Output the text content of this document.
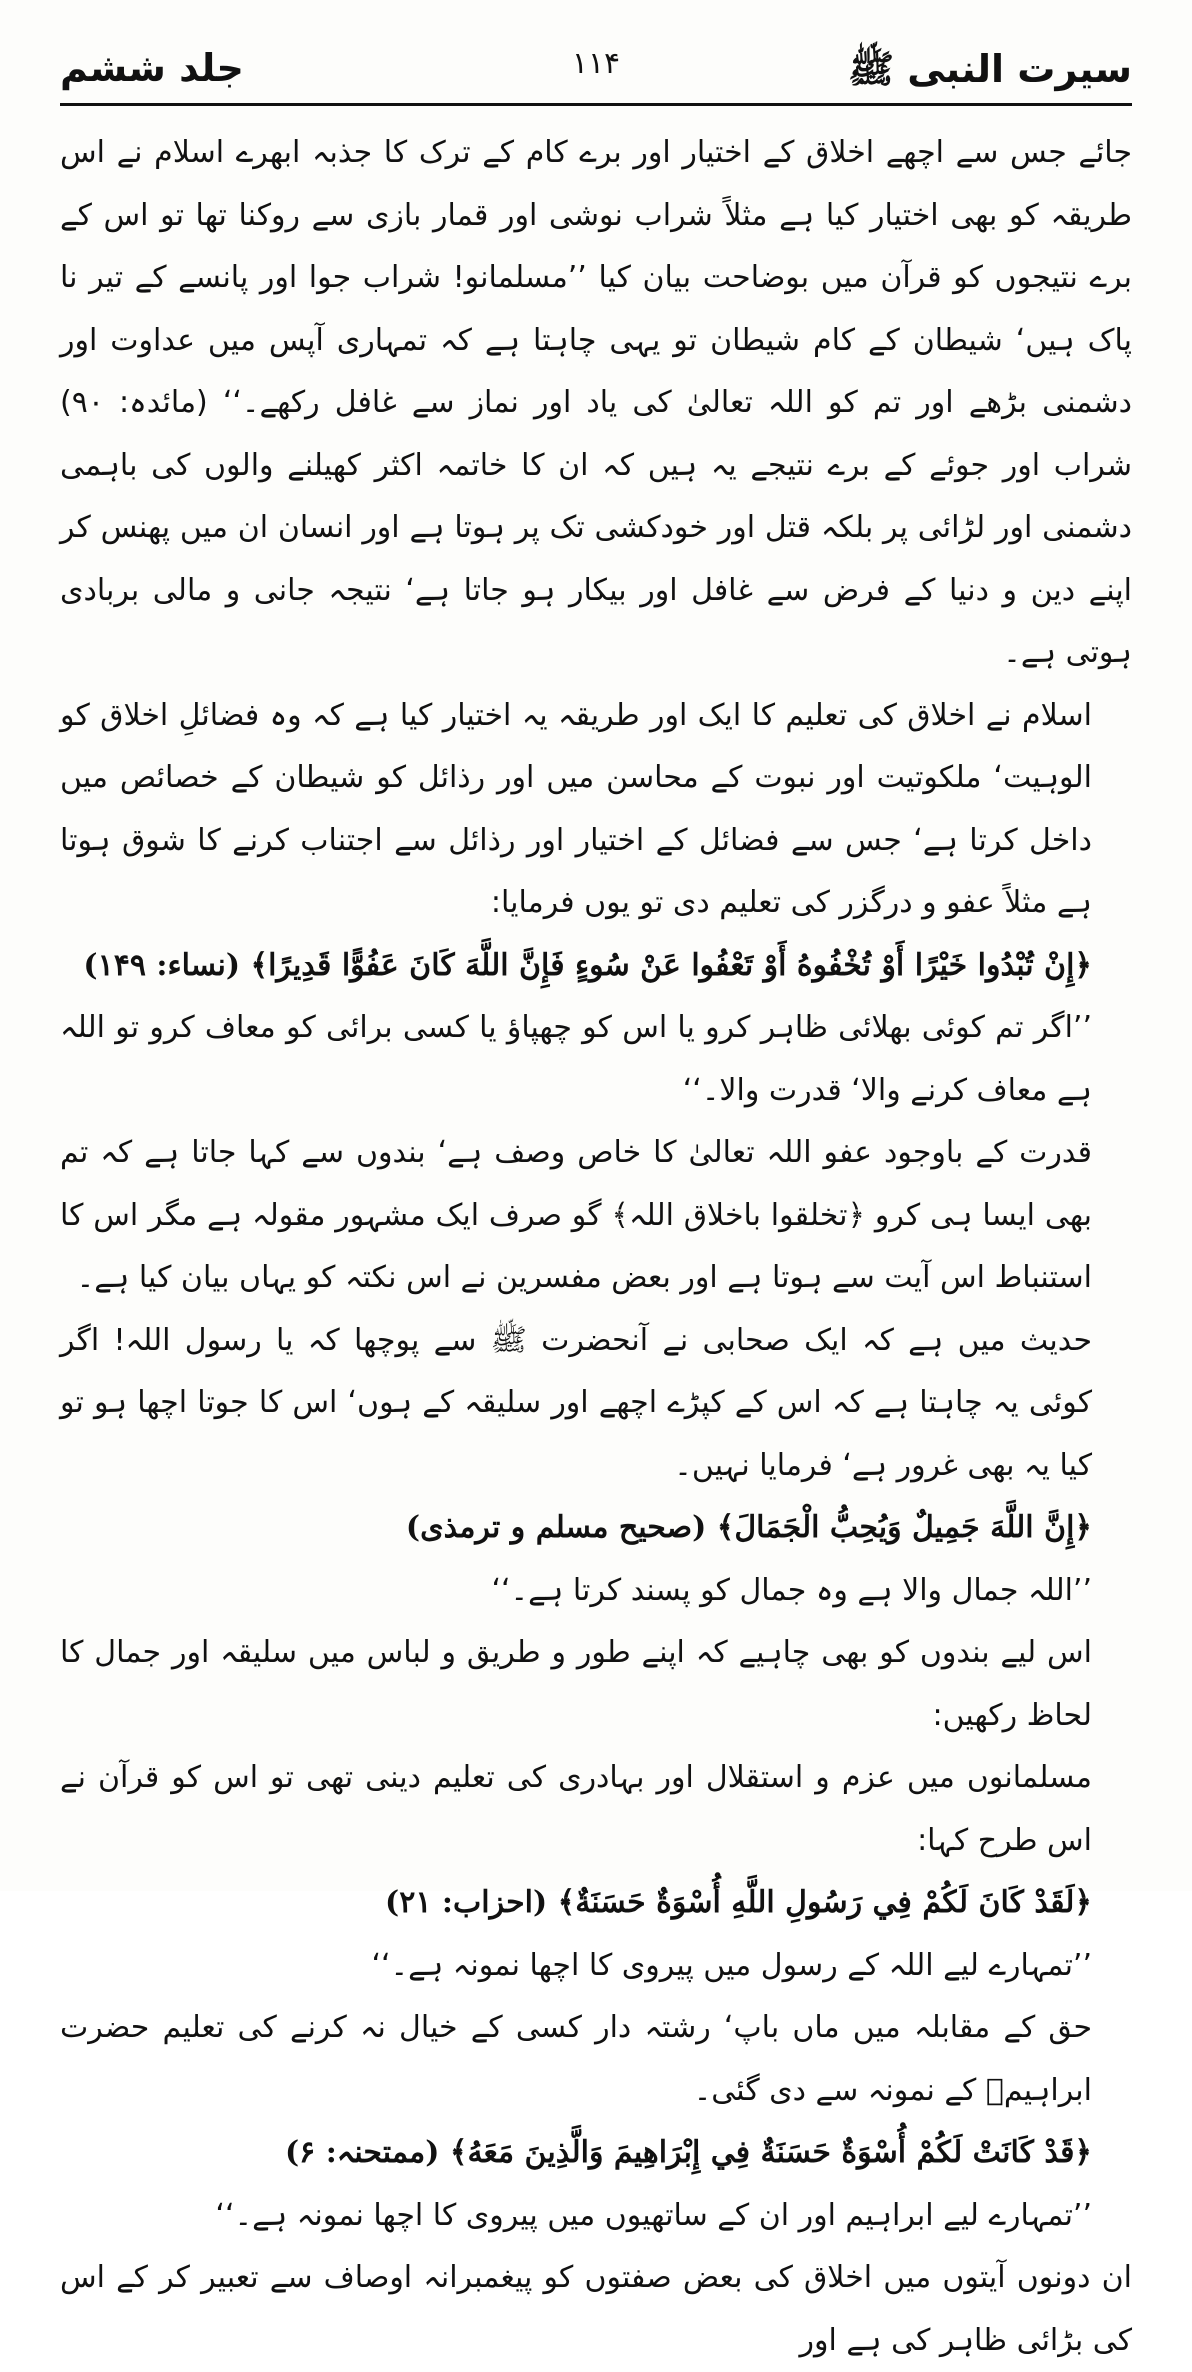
سیرت النبی ﷺ
۱۱۴
جلد ششم

جائے جس سے اچھے اخلاق کے اختیار اور برے کام کے ترک کا جذبہ ابھرے اسلام نے اس طریقہ کو بھی اختیار کیا ہے مثلاً شراب نوشی اور قمار بازی سے روکنا تھا تو اس کے برے نتیجوں کو قرآن میں بوضاحت بیان کیا ’’مسلمانو! شراب جوا اور پانسے کے تیر نا پاک ہیں‘ شیطان کے کام شیطان تو یہی چاہتا ہے کہ تمہاری آپس میں عداوت اور دشمنی بڑھے اور تم کو اللہ تعالیٰ کی یاد اور نماز سے غافل رکھے۔‘‘ (مائدہ: ۹۰) شراب اور جوئے کے برے نتیجے یہ ہیں کہ ان کا خاتمہ اکثر کھیلنے والوں کی باہمی دشمنی اور لڑائی پر بلکہ قتل اور خودکشی تک پر ہوتا ہے اور انسان ان میں پھنس کر اپنے دین و دنیا کے فرض سے غافل اور بیکار ہو جاتا ہے‘ نتیجہ جانی و مالی بربادی ہوتی ہے۔

اسلام نے اخلاق کی تعلیم کا ایک اور طریقہ یہ اختیار کیا ہے کہ وہ فضائلِ اخلاق کو الوہیت‘ ملکوتیت اور نبوت کے محاسن میں اور رذائل کو شیطان کے خصائص میں داخل کرتا ہے‘ جس سے فضائل کے اختیار اور رذائل سے اجتناب کرنے کا شوق ہوتا ہے مثلاً عفو و درگزر کی تعلیم دی تو یوں فرمایا:

﴿إِنْ تُبْدُوا خَيْرًا أَوْ تُخْفُوهُ أَوْ تَعْفُوا عَنْ سُوءٍ فَإِنَّ اللَّهَ كَانَ عَفُوًّا قَدِيرًا﴾ (نساء: ۱۴۹)

’’اگر تم کوئی بھلائی ظاہر کرو یا اس کو چھپاؤ یا کسی برائی کو معاف کرو تو اللہ ہے معاف کرنے والا‘ قدرت والا۔‘‘

قدرت کے باوجود عفو اللہ تعالیٰ کا خاص وصف ہے‘ بندوں سے کہا جاتا ہے کہ تم بھی ایسا ہی کرو ﴿تخلقوا باخلاق اللہ﴾ گو صرف ایک مشہور مقولہ ہے مگر اس کا استنباط اس آیت سے ہوتا ہے اور بعض مفسرین نے اس نکتہ کو یہاں بیان کیا ہے۔

حدیث میں ہے کہ ایک صحابی نے آنحضرت ﷺ سے پوچھا کہ یا رسول اللہ! اگر کوئی یہ چاہتا ہے کہ اس کے کپڑے اچھے اور سلیقہ کے ہوں‘ اس کا جوتا اچھا ہو تو کیا یہ بھی غرور ہے‘ فرمایا نہیں۔

﴿إِنَّ اللَّهَ جَمِيلٌ وَيُحِبُّ الْجَمَالَ﴾ (صحیح مسلم و ترمذی)

’’اللہ جمال والا ہے وہ جمال کو پسند کرتا ہے۔‘‘

اس لیے بندوں کو بھی چاہیے کہ اپنے طور و طریق و لباس میں سلیقہ اور جمال کا لحاظ رکھیں:

مسلمانوں میں عزم و استقلال اور بہادری کی تعلیم دینی تھی تو اس کو قرآن نے اس طرح کہا:

﴿لَقَدْ كَانَ لَكُمْ فِي رَسُولِ اللَّهِ أُسْوَةٌ حَسَنَةٌ﴾ (احزاب: ۲۱)

’’تمہارے لیے اللہ کے رسول میں پیروی کا اچھا نمونہ ہے۔‘‘

حق کے مقابلہ میں ماں باپ‘ رشتہ دار کسی کے خیال نہ کرنے کی تعلیم حضرت ابراہیمؑ کے نمونہ سے دی گئی۔

﴿قَدْ كَانَتْ لَكُمْ أُسْوَةٌ حَسَنَةٌ فِي إِبْرَاهِيمَ وَالَّذِينَ مَعَهُ﴾ (ممتحنہ: ۶)

’’تمہارے لیے ابراہیم اور ان کے ساتھیوں میں پیروی کا اچھا نمونہ ہے۔‘‘

ان دونوں آیتوں میں اخلاق کی بعض صفتوں کو پیغمبرانہ اوصاف سے تعبیر کر کے اس کی بڑائی ظاہر کی ہے اور
